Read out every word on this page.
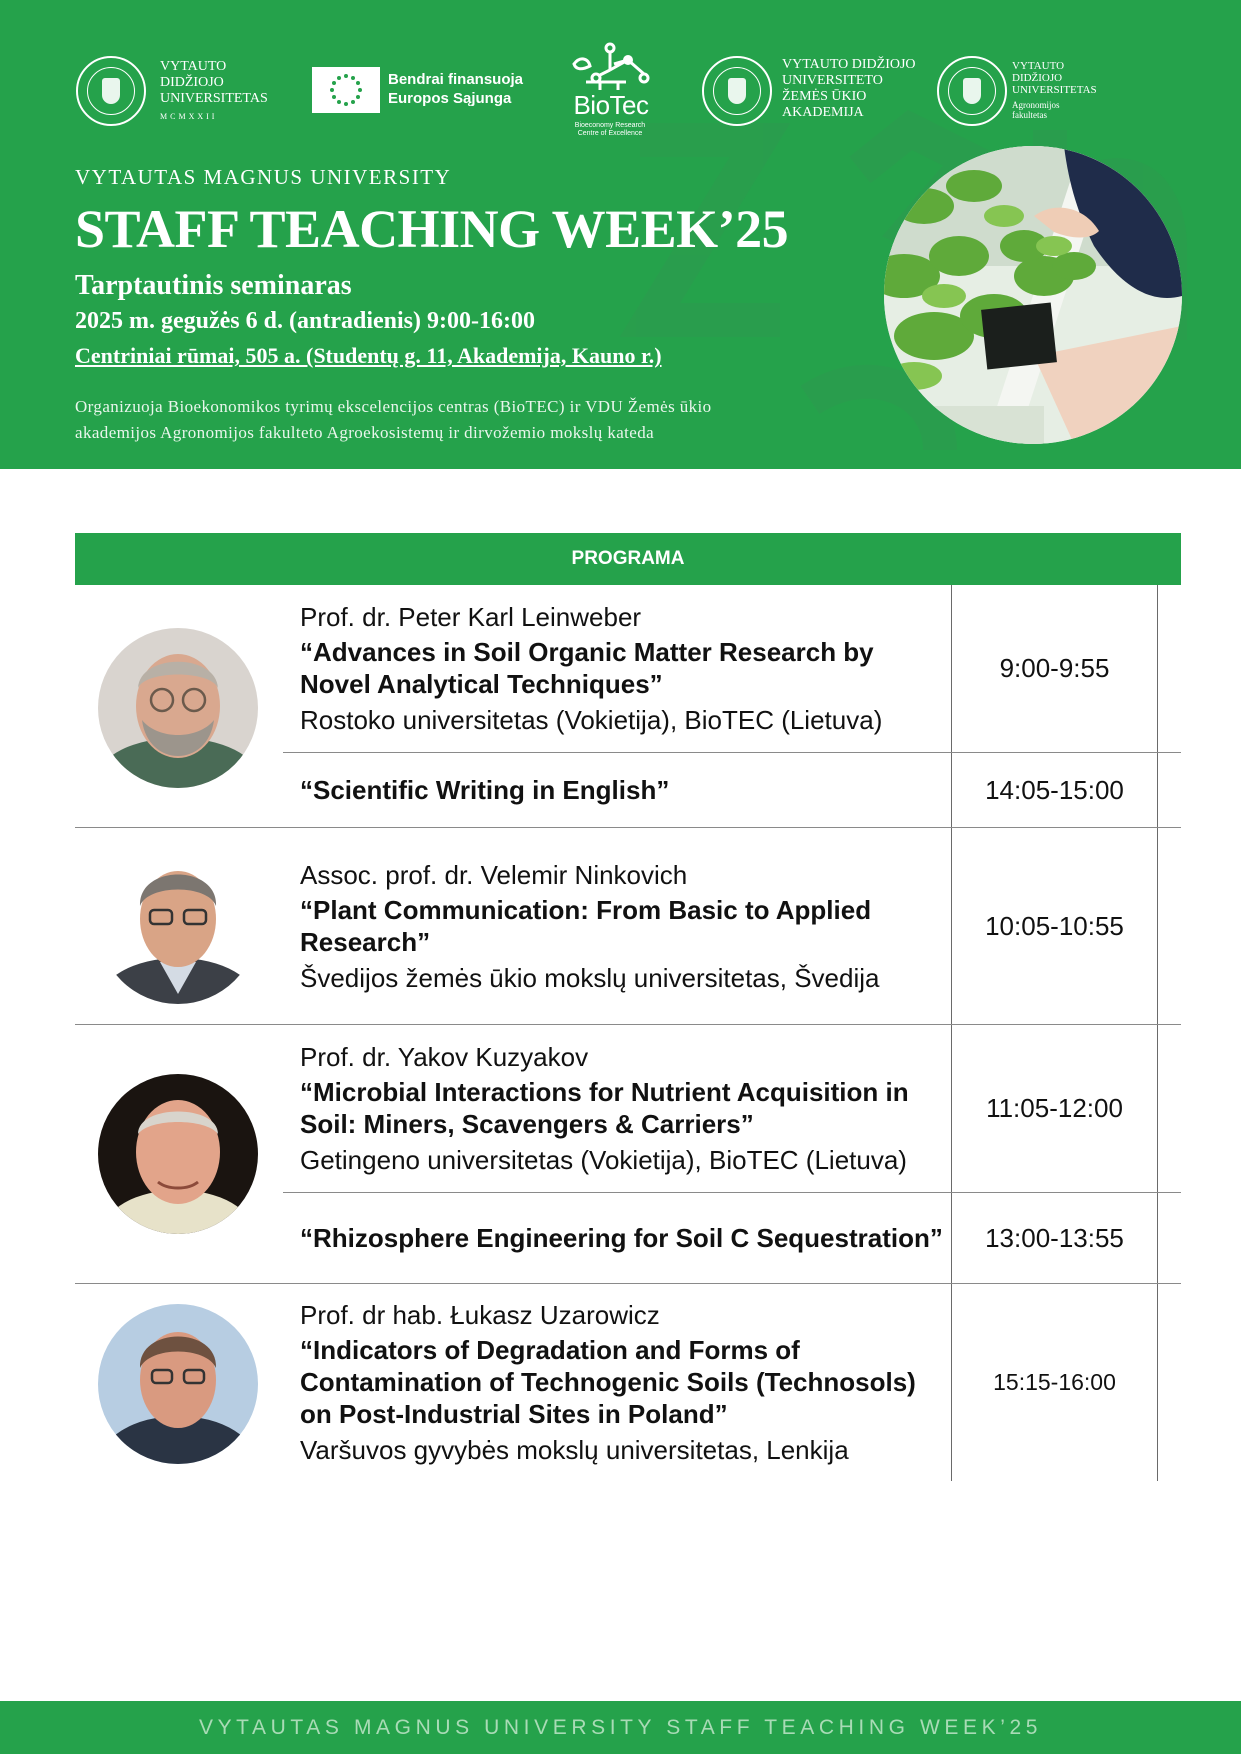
VYTAUTO
DIDŽIOJO
UNIVERSITETAS
MCMXXII
Bendrai finansuoja
Europos Sąjunga	BioTec
Bioeconomy Research
Centre of Excellence
VYTAUTO DIDŽIOJO
UNIVERSITETO
ŽEMĖS ŪKIO
AKADEMIJA
VYTAUTO
DIDŽIOJO
UNIVERSITETAS
Agronomijos
fakultetas
VYTAUTAS MAGNUS UNIVERSITY
STAFF TEACHING WEEK’25
Tarptautinis seminaras
2025 m. gegužės 6 d. (antradienis) 9:00-16:00
Centriniai rūmai, 505 a. (Studentų g. 11, Akademija, Kauno r.)
Organizuoja Bioekonomikos tyrimų ekscelencijos centras (BioTEC) ir VDU Žemės ūkio
akademijos Agronomijos fakulteto Agroekosistemų ir dirvožemio mokslų kateda
PROGRAMA
Prof. dr. Peter Karl Leinweber
“Advances in Soil Organic Matter Research by Novel Analytical Techniques”
Rostoko universitetas (Vokietija), BioTEC (Lietuva)
9:00-9:55
“Scientific Writing in English”	14:05-15:00
Assoc. prof. dr. Velemir Ninkovich
“Plant Communication: From Basic to Applied Research”
Švedijos žemės ūkio mokslų universitetas, Švedija
10:05-10:55
Prof. dr. Yakov Kuzyakov
“Microbial Interactions for Nutrient Acquisition in Soil: Miners, Scavengers & Carriers”
Getingeno universitetas (Vokietija), BioTEC (Lietuva)
11:05-12:00
“Rhizosphere Engineering for Soil C Sequestration”	13:00-13:55
Prof. dr hab. Łukasz Uzarowicz
“Indicators of Degradation and Forms of Contamination of Technogenic Soils (Technosols) on Post-Industrial Sites in Poland”
Varšuvos gyvybės mokslų universitetas, Lenkija
15:15-16:00
VYTAUTAS MAGNUS UNIVERSITY STAFF TEACHING WEEK’25
